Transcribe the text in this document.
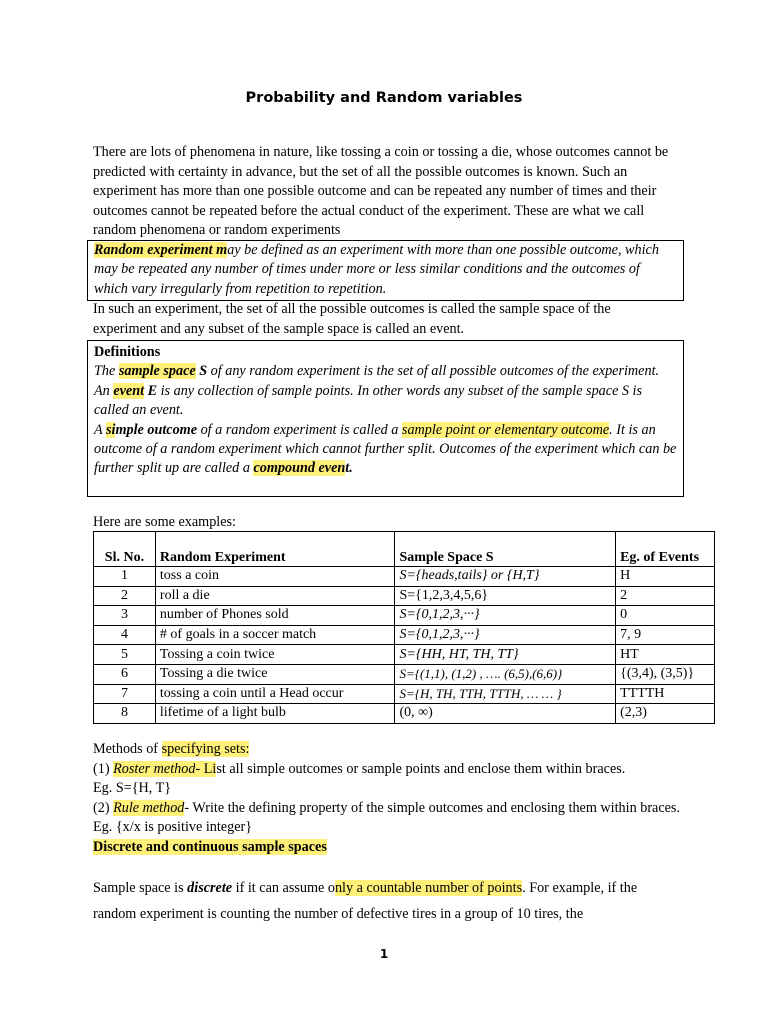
Probability and Random variables
There are lots of phenomena in nature, like tossing a coin or tossing a die, whose outcomes cannot be predicted with certainty in advance, but the set of all the possible outcomes is known. Such an experiment has more than one possible outcome and can be repeated any number of times and their outcomes cannot be repeated before the actual conduct of the experiment. These are what we call random phenomena or random experiments
Random experiment may be defined as an experiment with more than one possible outcome, which may be repeated any number of times under more or less similar conditions and the outcomes of which vary irregularly from repetition to repetition.
In such an experiment, the set of all the possible outcomes is called the sample space of the experiment and any subset of the sample space is called an event.
Definitions
The sample space S of any random experiment is the set of all possible outcomes of the experiment.
An event E is any collection of sample points. In other words any subset of the sample space S is called an event.
A simple outcome of a random experiment is called a sample point or elementary outcome. It is an outcome of a random experiment which cannot further split. Outcomes of the experiment which can be further split up are called a compound event.
Here are some examples:
Sl. No.	Random Experiment	Sample Space S	Eg. of Events
1	toss a coin	S={heads,tails} or {H,T}	H
2	roll a die	S={1,2,3,4,5,6}	2
3	number of Phones sold	S={0,1,2,3,···}	0
4	# of goals in a soccer match	S={0,1,2,3,···}	7, 9
5	Tossing a coin twice	S={HH, HT, TH, TT}	HT
6	Tossing a die twice	S={(1,1), (1,2) , …. (6,5),(6,6)}	{(3,4), (3,5)}
7	tossing a coin until a Head occur	S={H, TH, TTH, TTTH, … … }	TTTTH
8	lifetime of a light bulb	(0, ∞)	(2,3)
Methods of specifying sets:
(1) Roster method- List all simple outcomes or sample points and enclose them within braces.
Eg. S={H, T}
(2) Rule method- Write the defining property of the simple outcomes and enclosing them within braces.
Eg. {x/x is positive integer}
Discrete and continuous sample spaces
Sample space is discrete if it can assume only a countable number of points. For example, if the random experiment is counting the number of defective tires in a group of 10 tires, the
1
